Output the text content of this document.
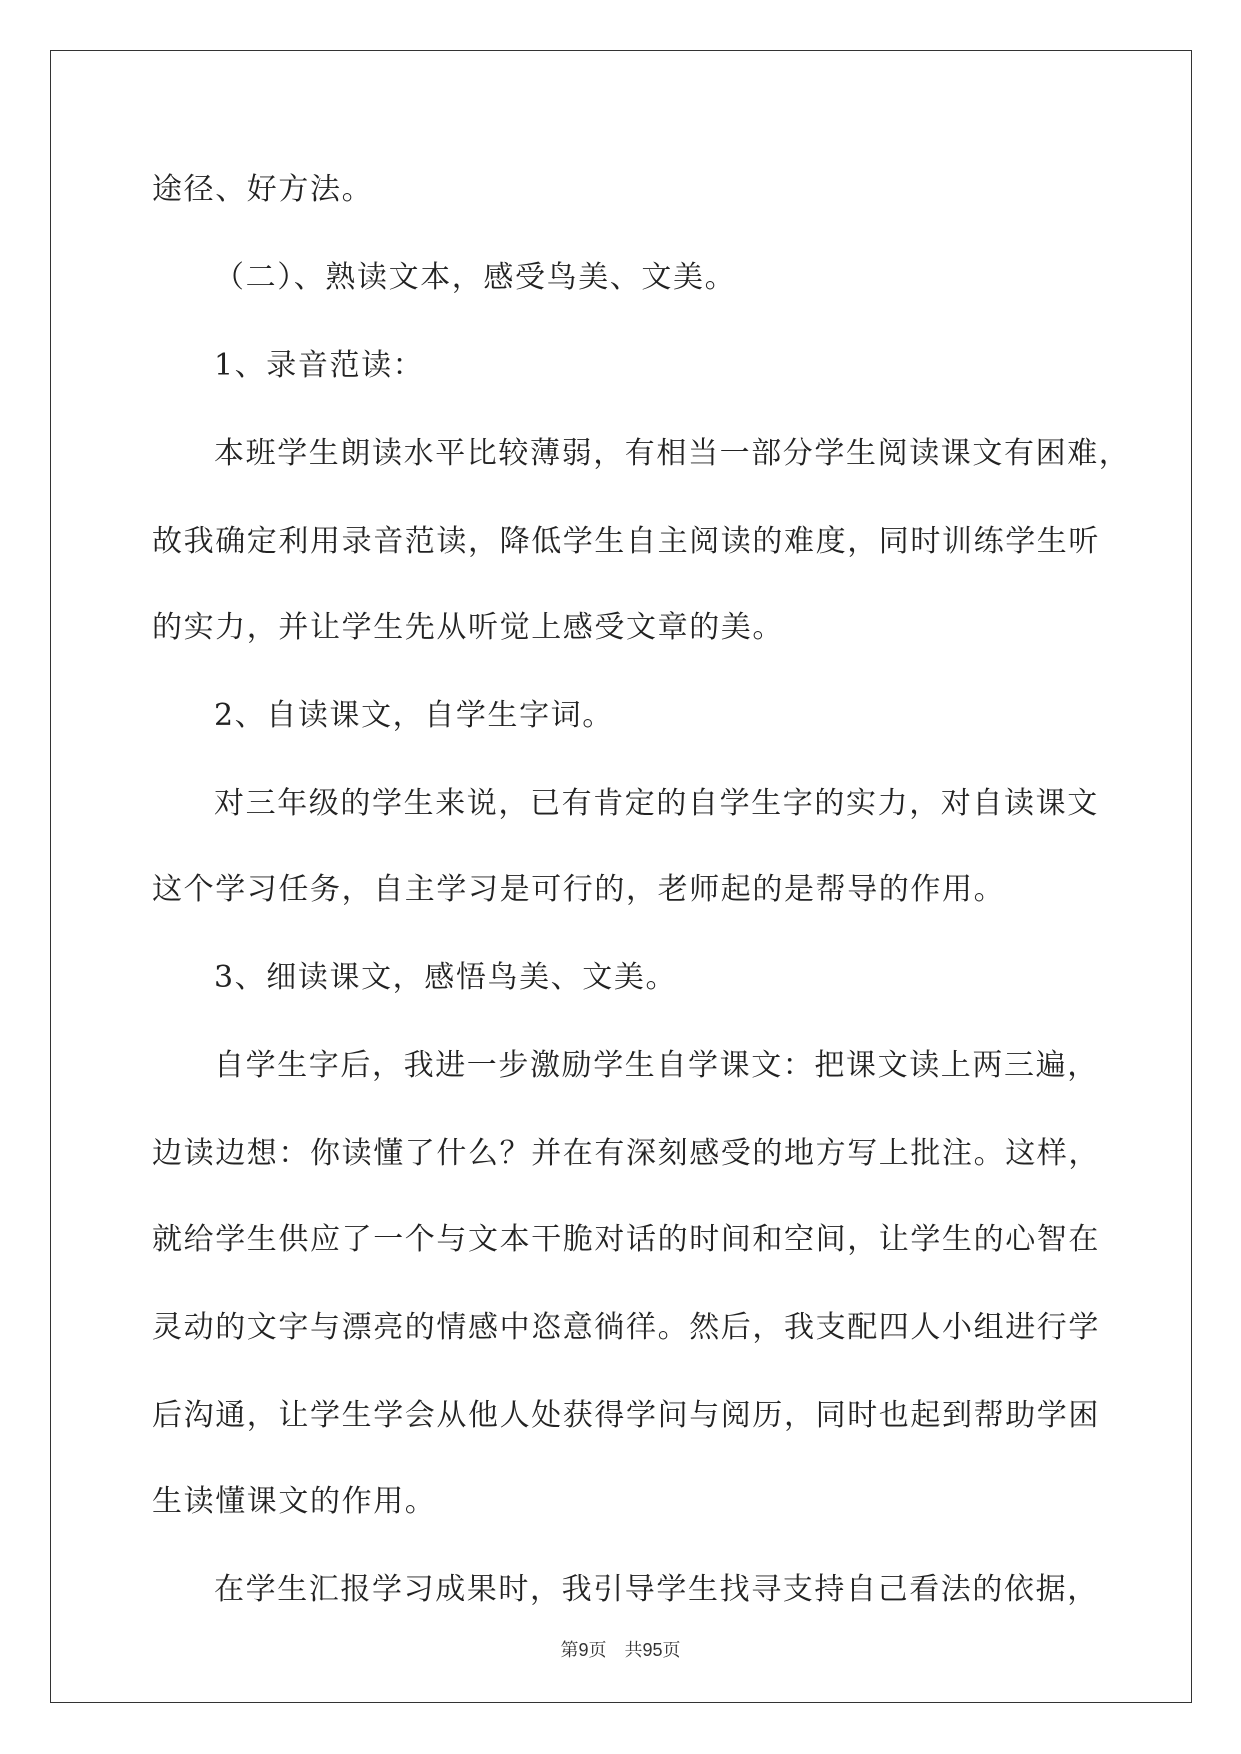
途径、好方法。
（二）、熟读文本，感受鸟美、文美。
1、录音范读：
本班学生朗读水平比较薄弱，有相当一部分学生阅读课文有困难，
故我确定利用录音范读，降低学生自主阅读的难度，同时训练学生听
的实力，并让学生先从听觉上感受文章的美。
2、自读课文，自学生字词。
对三年级的学生来说，已有肯定的自学生字的实力，对自读课文
这个学习任务，自主学习是可行的，老师起的是帮导的作用。
3、细读课文，感悟鸟美、文美。
自学生字后，我进一步激励学生自学课文：把课文读上两三遍，
边读边想：你读懂了什么？并在有深刻感受的地方写上批注。这样，
就给学生供应了一个与文本干脆对话的时间和空间，让学生的心智在
灵动的文字与漂亮的情感中恣意徜徉。然后，我支配四人小组进行学
后沟通，让学生学会从他人处获得学问与阅历，同时也起到帮助学困
生读懂课文的作用。
在学生汇报学习成果时，我引导学生找寻支持自己看法的依据，
第9页 共95页
